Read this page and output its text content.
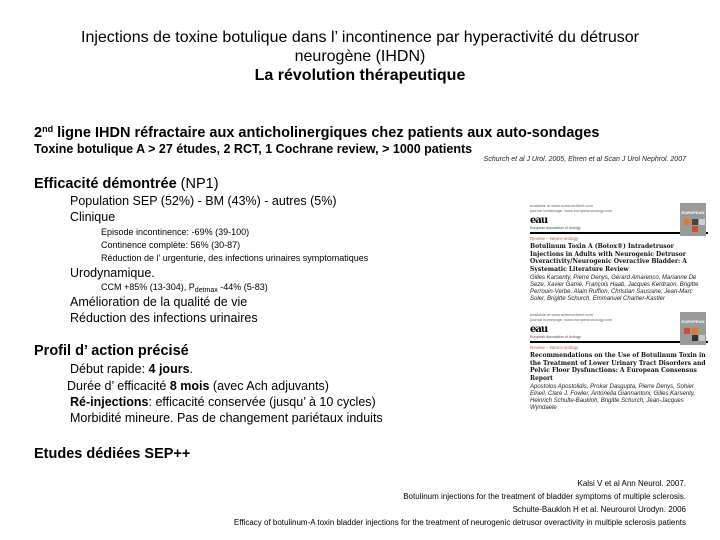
Injections de toxine botulique dans l’ incontinence par hyperactivité du détrusor
neurogène (IHDN)
La révolution thérapeutique
2nd ligne IHDN réfractaire aux anticholinergiques chez patients aux auto-sondages
Toxine botulique A > 27 études, 2 RCT, 1 Cochrane review, > 1000 patients
Schurch et al J Urol. 2005, Ehren et al Scan J Urol Nephrol. 2007
Efficacité démontrée (NP1)
Population SEP (52%) - BM (43%) - autres (5%)
Clinique
Episode incontinence: -69% (39-100)
Continence complète: 56% (30-87)
Réduction de l’ urgenturie, des infections urinaires symptomatiques
Urodynamique.
CCM +85% (13-304), $P_{detmax}$ -44% (5-83)
Amélioration de la qualité de vie
Réduction des infections urinaires
Profil d’ action précisé
Début rapide: 4 jours.
Durée d’ efficacité 8 mois (avec Ach adjuvants)
Ré-injections: efficacité conservée (jusqu’ à 10 cycles)
Morbidité mineure. Pas de changement pariétaux induits
Etudes dédiées SEP++
Kalsi V et al Ann Neurol. 2007.
Botulinum injections for the treatment of bladder symptoms of multiple sclerosis.
Schulte-Baukloh H et al. Neurourol Urodyn. 2006
Efficacy of botulinum-A toxin bladder injections for the treatment of neurogenic detrusor overactivity in multiple sclerosis patients
EUROPEAN
available at www.sciencedirect.com
journal homepage: www.europeanurology.com
eau
European Association of Urology
Review – Neuro-urology
Botulinum Toxin A (Botox®) Intradetrusor Injections in Adults with Neurogenic Detrusor Overactivity/Neurogenic Overactive Bladder: A Systematic Literature Review
Gilles Karsenty, Pierre Denys, Gérard Amarenco, Marianne De Seze, Xavier Gamé, François Haab, Jacques Kerdraon, Brigitte Perrouin-Verbe, Alain Ruffion, Christian Saussine, Jean-Marc Soler, Brigitte Schurch, Emmanuel Chartier-Kastler
EUROPEAN
available at www.sciencedirect.com
journal homepage: www.europeanurology.com
eau
European Association of Urology
Review – Neuro-urology
Recommendations on the Use of Botulinum Toxin in the Treatment of Lower Urinary Tract Disorders and Pelvic Floor Dysfunctions: A European Consensus Report
Apostolos Apostolidis, Prokar Dasgupta, Pierre Denys, Sohier Elneil, Clare J. Fowler, Antonella Giannantoni, Gilles Karsenty, Heinrich Schulte-Baukloh, Brigitte Schurch, Jean-Jacques Wyndaele
